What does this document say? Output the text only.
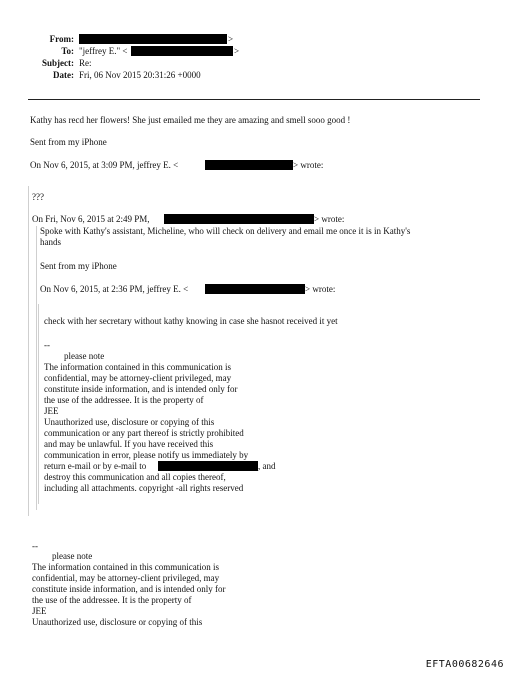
From:	>
To: "jeffrey E." <	>
Subject: Re:
Date: Fri, 06 Nov 2015 20:31:26 +0000
Kathy has recd her flowers! She just emailed me they are amazing and smell sooo good !
Sent from my iPhone
On Nov 6, 2015, at 3:09 PM, jeffrey E. <	> wrote:
???
On Fri, Nov 6, 2015 at 2:49 PM,	> wrote:
Spoke with Kathy's assistant, Micheline, who will check on delivery and email me once it is in Kathy's
hands
Sent from my iPhone
On Nov 6, 2015, at 2:36 PM, jeffrey E. <	> wrote:
check with her secretary without kathy knowing in case she hasnot received it yet
--
please note
The information contained in this communication is
confidential, may be attorney-client privileged, may
constitute inside information, and is intended only for
the use of the addressee. It is the property of
JEE
Unauthorized use, disclosure or copying of this
communication or any part thereof is strictly prohibited
and may be unlawful. If you have received this
communication in error, please notify us immediately by
return e-mail or by e-mail to	, and
destroy this communication and all copies thereof,
including all attachments. copyright -all rights reserved
--
please note
The information contained in this communication is
confidential, may be attorney-client privileged, may
constitute inside information, and is intended only for
the use of the addressee. It is the property of
JEE
Unauthorized use, disclosure or copying of this
EFTA00682646
